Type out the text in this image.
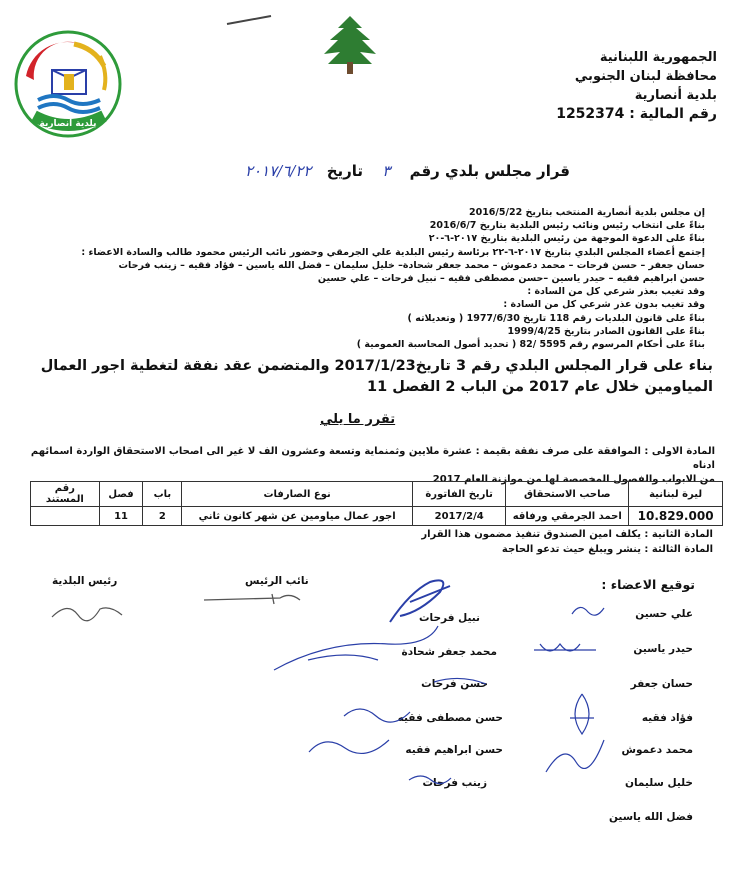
بلدية أنصارية
الجمهورية اللبنانية
محافظة لبنان الجنوبي
بلدية أنصارية
رقم المالية : 1252374
قرار مجلس بلدي رقم ٣ تاريخ ٢٠١٧/٦/٢٢
إن مجلس بلدية أنصارية المنتخب بتاريخ 2016/5/22
بناءً على انتخاب رئيس ونائب رئيس البلدية بتاريخ 2016/6/7
بناءً على الدعوة الموجهة من رئيس البلدية بتاريخ ٢٠١٧-٦-٢٠
إجتمع أعضاء المجلس البلدي بتاريخ ٢٠١٧-٦-٢٢ برئاسة رئيس البلدية علي الجرمقي وحضور نائب الرئيس محمود طالب والسادة الاعضاء :
حسان جعفر – حسن فرحات – محمد دعموش – محمد جعفر شحادة– خليل سليمان – فضل الله ياسين – فؤاد فقيه – زينب فرحات
حسن ابراهيم فقيه – حيدر ياسين –حسن مصطفى فقيه – نبيل فرحات – علي حسين
وقد تغيب بعذر شرعي كل من السادة :
وقد تغيب بدون عذر شرعي كل من السادة :
بناءً على قانون البلديات رقم 118 تاريخ 1977/6/30 ( وتعديلاته )
بناءً على القانون الصادر بتاريخ 1999/4/25
بناءً على أحكام المرسوم رقم 5595 /82 ( تحديد أصول المحاسبة العمومية )
بناء على قرار المجلس البلدي رقم 3 تاريخ2017/1/23 والمتضمن عقد نفقة لتغطية اجور العمال المياومين خلال عام 2017 من الباب 2 الفصل 11
تقرر ما يلي
المادة الاولى : الموافقة على صرف نفقة بقيمة : عشرة ملايين وثمنماية وتسعة وعشرون الف لا غير الى اصحاب الاستحقاق الواردة اسمائهم ادناه
من الابواب والفصول المخصصة لها من موازنة العام 2017
ليرة لبنانية	صاحب الاستحقاق	تاريخ الفاتورة	نوع الصارفات	باب	فصل	رقم المستند
10.829.000	احمد الجرمقي ورفاقه	2017/2/4	اجور عمال مياومين عن شهر كانون ثاني	2	11	
المادة الثانية : يكلف امين الصندوق تنفيذ مضمون هذا القرار
المادة الثالثة : ينشر ويبلغ حيث تدعو الحاجة
توقيع الاعضاء :
رئيس البلدية	نائب الرئيس
علي حسين
حيدر ياسين
حسان جعفر
فؤاد فقيه
محمد دعموش
خليل سليمان
فضل الله ياسين
نبيل فرحات
محمد جعفر شحادة
حسن فرحات
حسن مصطفى فقيه
حسن ابراهيم فقيه
زينب فرحات
